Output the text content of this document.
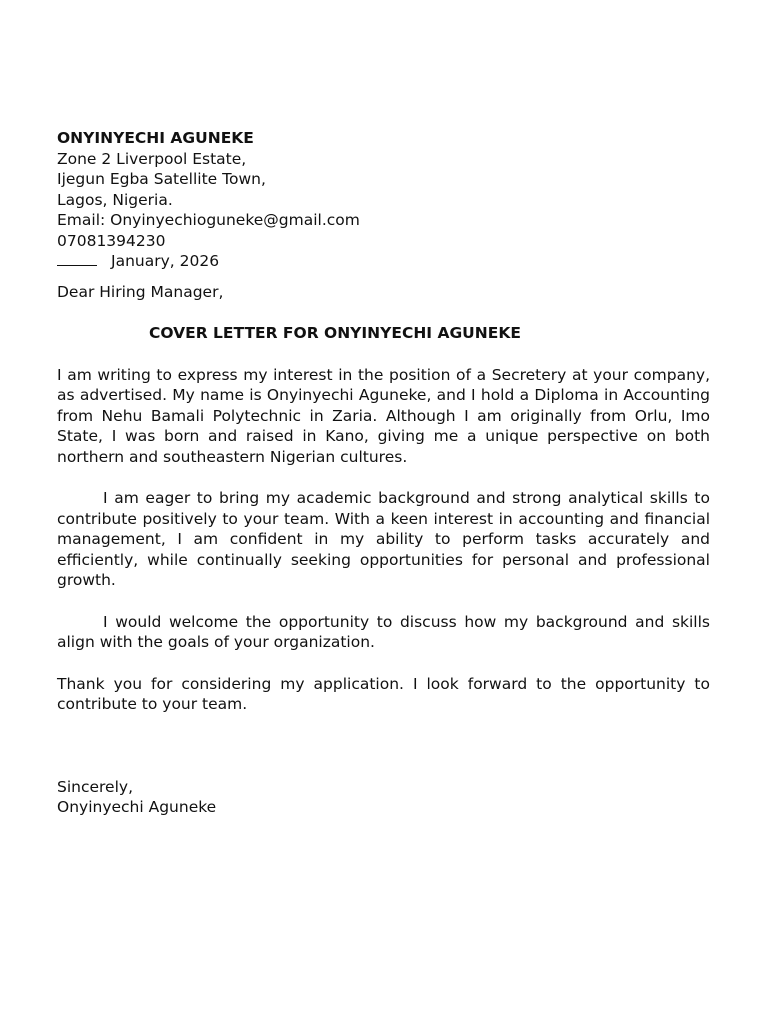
ONYINYECHI AGUNEKE
Zone 2 Liverpool Estate,
Ijegun Egba Satellite Town,
Lagos, Nigeria.
Email: Onyinyechioguneke@gmail.com
07081394230
January, 2026
Dear Hiring Manager,
COVER LETTER FOR ONYINYECHI AGUNEKE
I am writing to express my interest in the position of a Secretery at your company, as advertised. My name is Onyinyechi Aguneke, and I hold a Diploma in Accounting from Nehu Bamali Polytechnic in Zaria. Although I am originally from Orlu, Imo State, I was born and raised in Kano, giving me a unique perspective on both northern and southeastern Nigerian cultures.
I am eager to bring my academic background and strong analytical skills to contribute positively to your team. With a keen interest in accounting and financial management, I am confident in my ability to perform tasks accurately and efficiently, while continually seeking opportunities for personal and professional growth.
I would welcome the opportunity to discuss how my background and skills align with the goals of your organization.
Thank you for considering my application. I look forward to the opportunity to contribute to your team.
Sincerely,
Onyinyechi Aguneke
